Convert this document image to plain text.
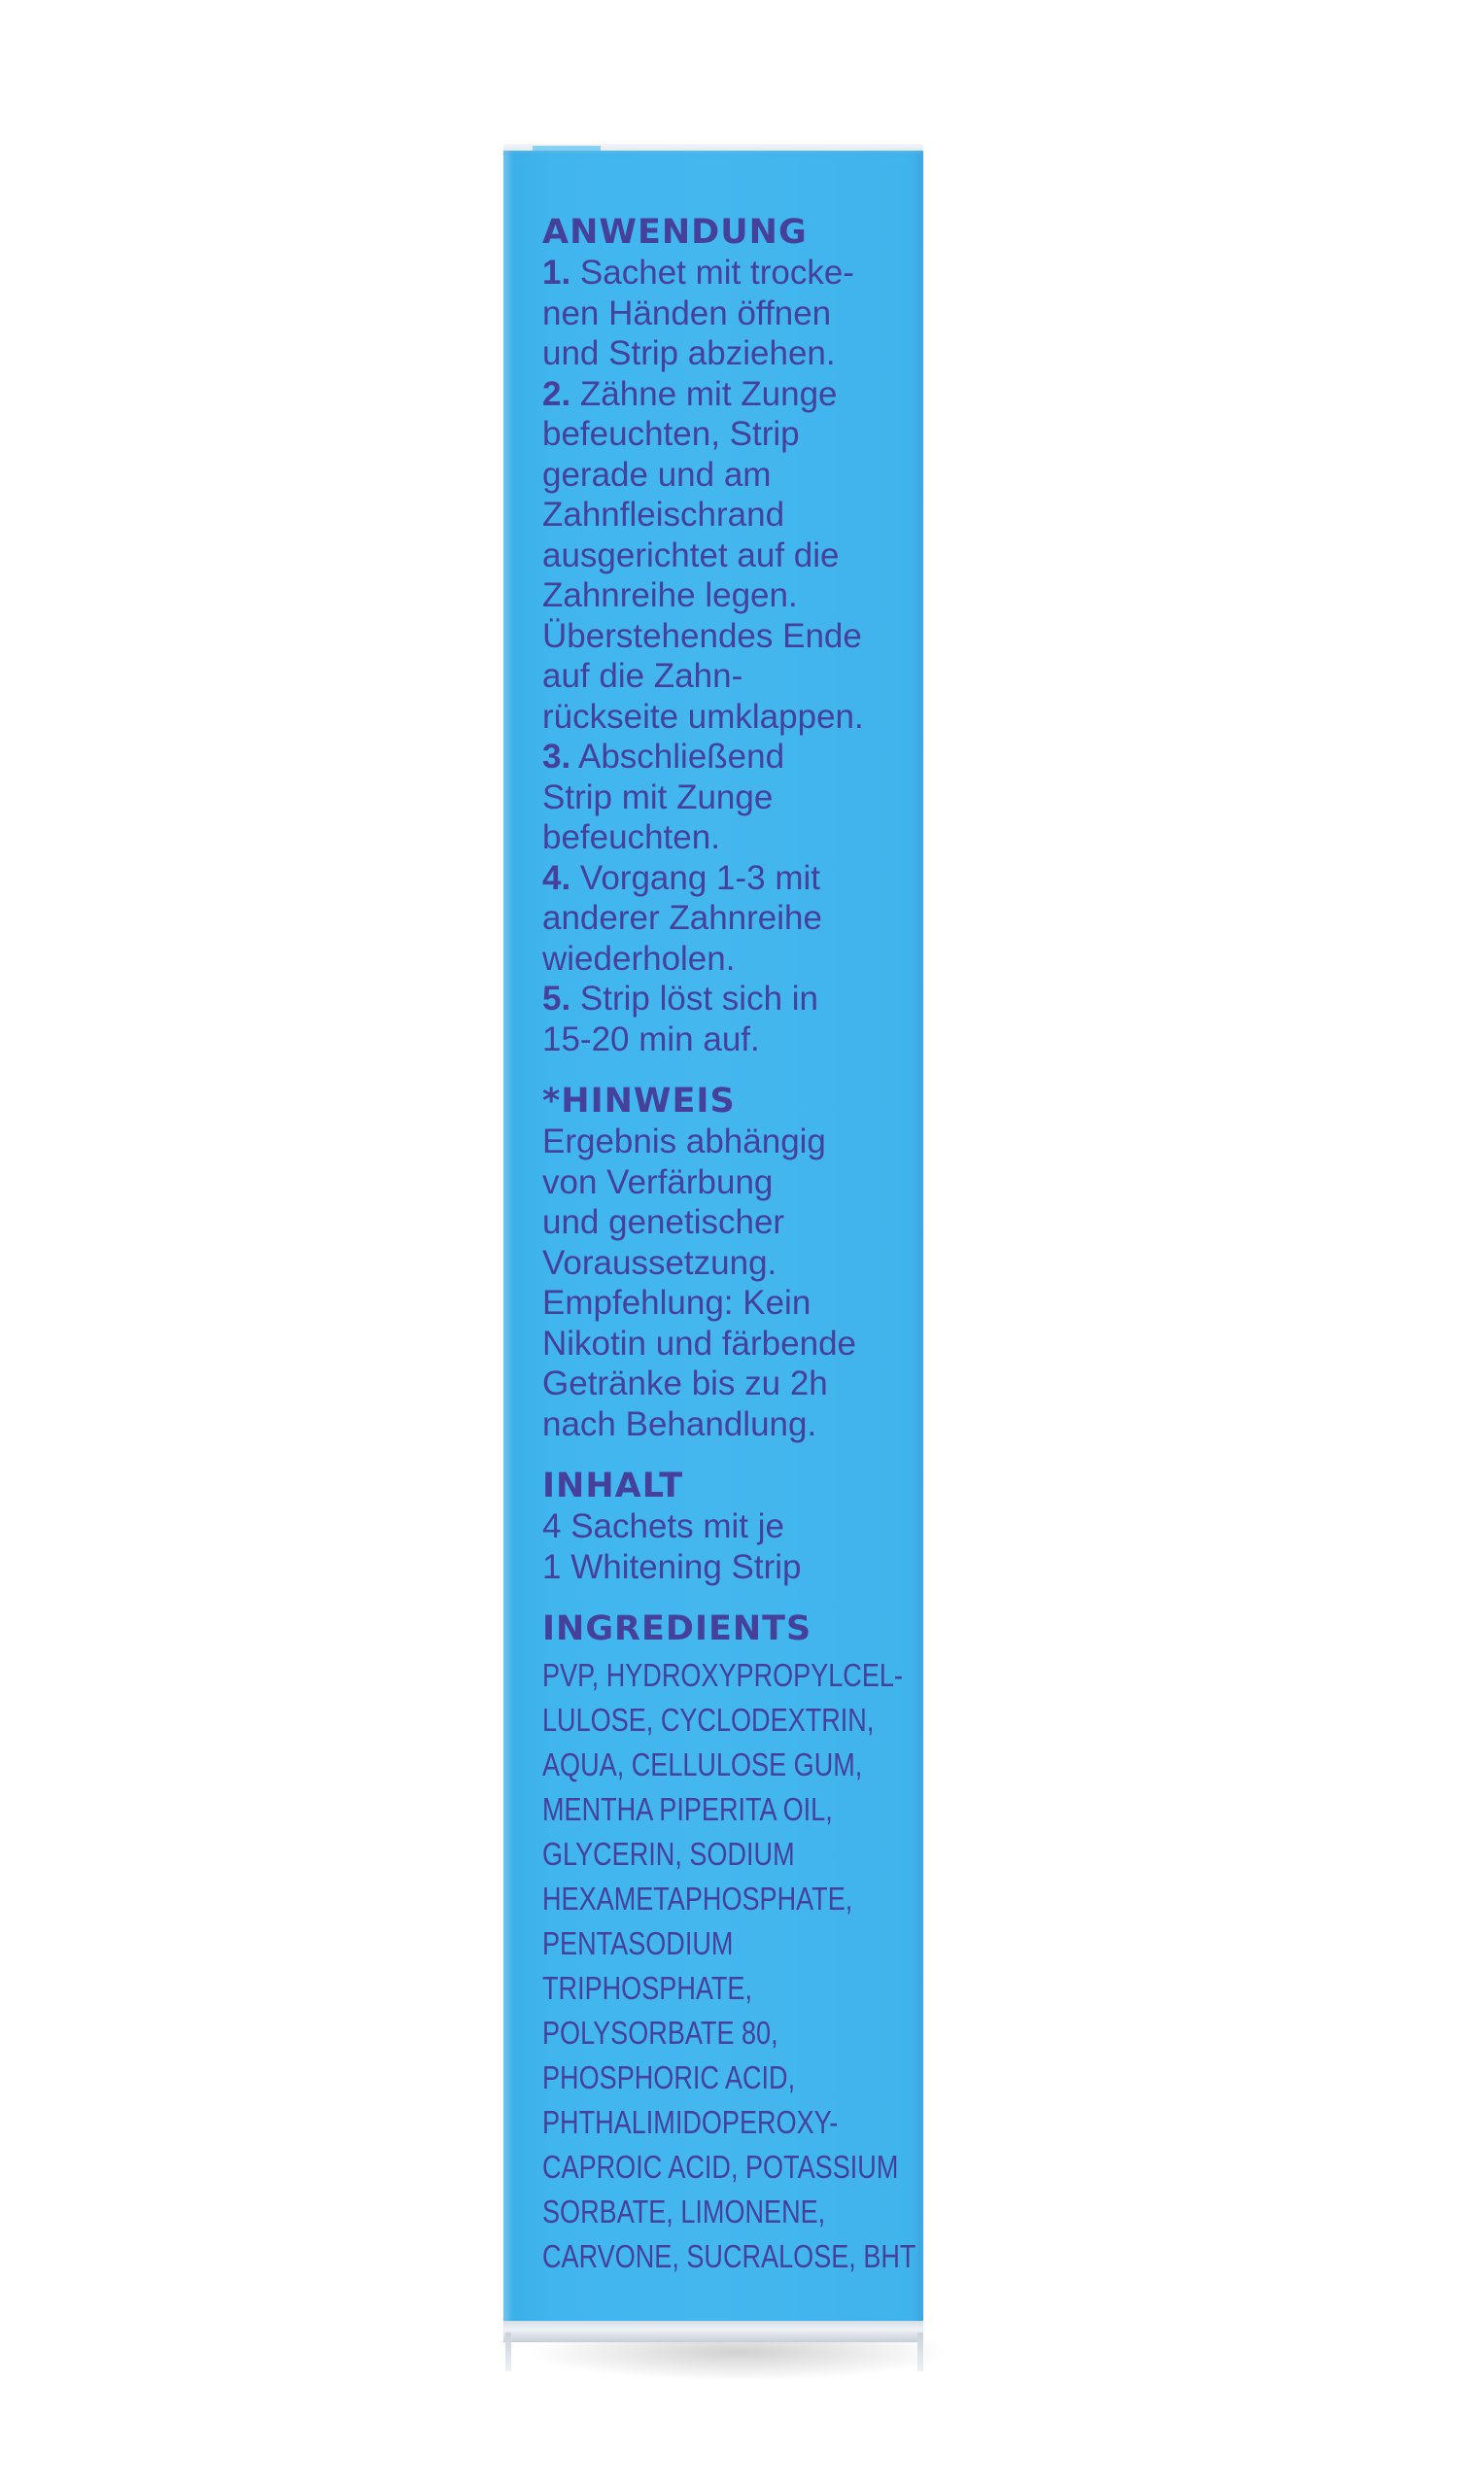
ANWENDUNG

1. Sachet mit trocke-
nen Händen öffnen
und Strip abziehen.

2. Zähne mit Zunge
befeuchten, Strip
gerade und am
Zahnfleischrand
ausgerichtet auf die
Zahnreihe legen.
Überstehendes Ende
auf die Zahn-
rückseite umklappen.

3. Abschließend
Strip mit Zunge
befeuchten.

4. Vorgang 1-3 mit
anderer Zahnreihe
wiederholen.

5. Strip löst sich in
15-20 min auf.

*HINWEIS

Ergebnis abhängig
von Verfärbung
und genetischer
Voraussetzung.
Empfehlung: Kein
Nikotin und färbende
Getränke bis zu 2h
nach Behandlung.

INHALT

4 Sachets mit je
1 Whitening Strip

INGREDIENTS

PVP, HYDROXYPROPYLCEL-
LULOSE, CYCLODEXTRIN,
AQUA, CELLULOSE GUM,
MENTHA PIPERITA OIL,
GLYCERIN, SODIUM
HEXAMETAPHOSPHATE,
PENTASODIUM
TRIPHOSPHATE,
POLYSORBATE 80,
PHOSPHORIC ACID,
PHTHALIMIDOPEROXY-
CAPROIC ACID, POTASSIUM
SORBATE, LIMONENE,
CARVONE, SUCRALOSE, BHT
